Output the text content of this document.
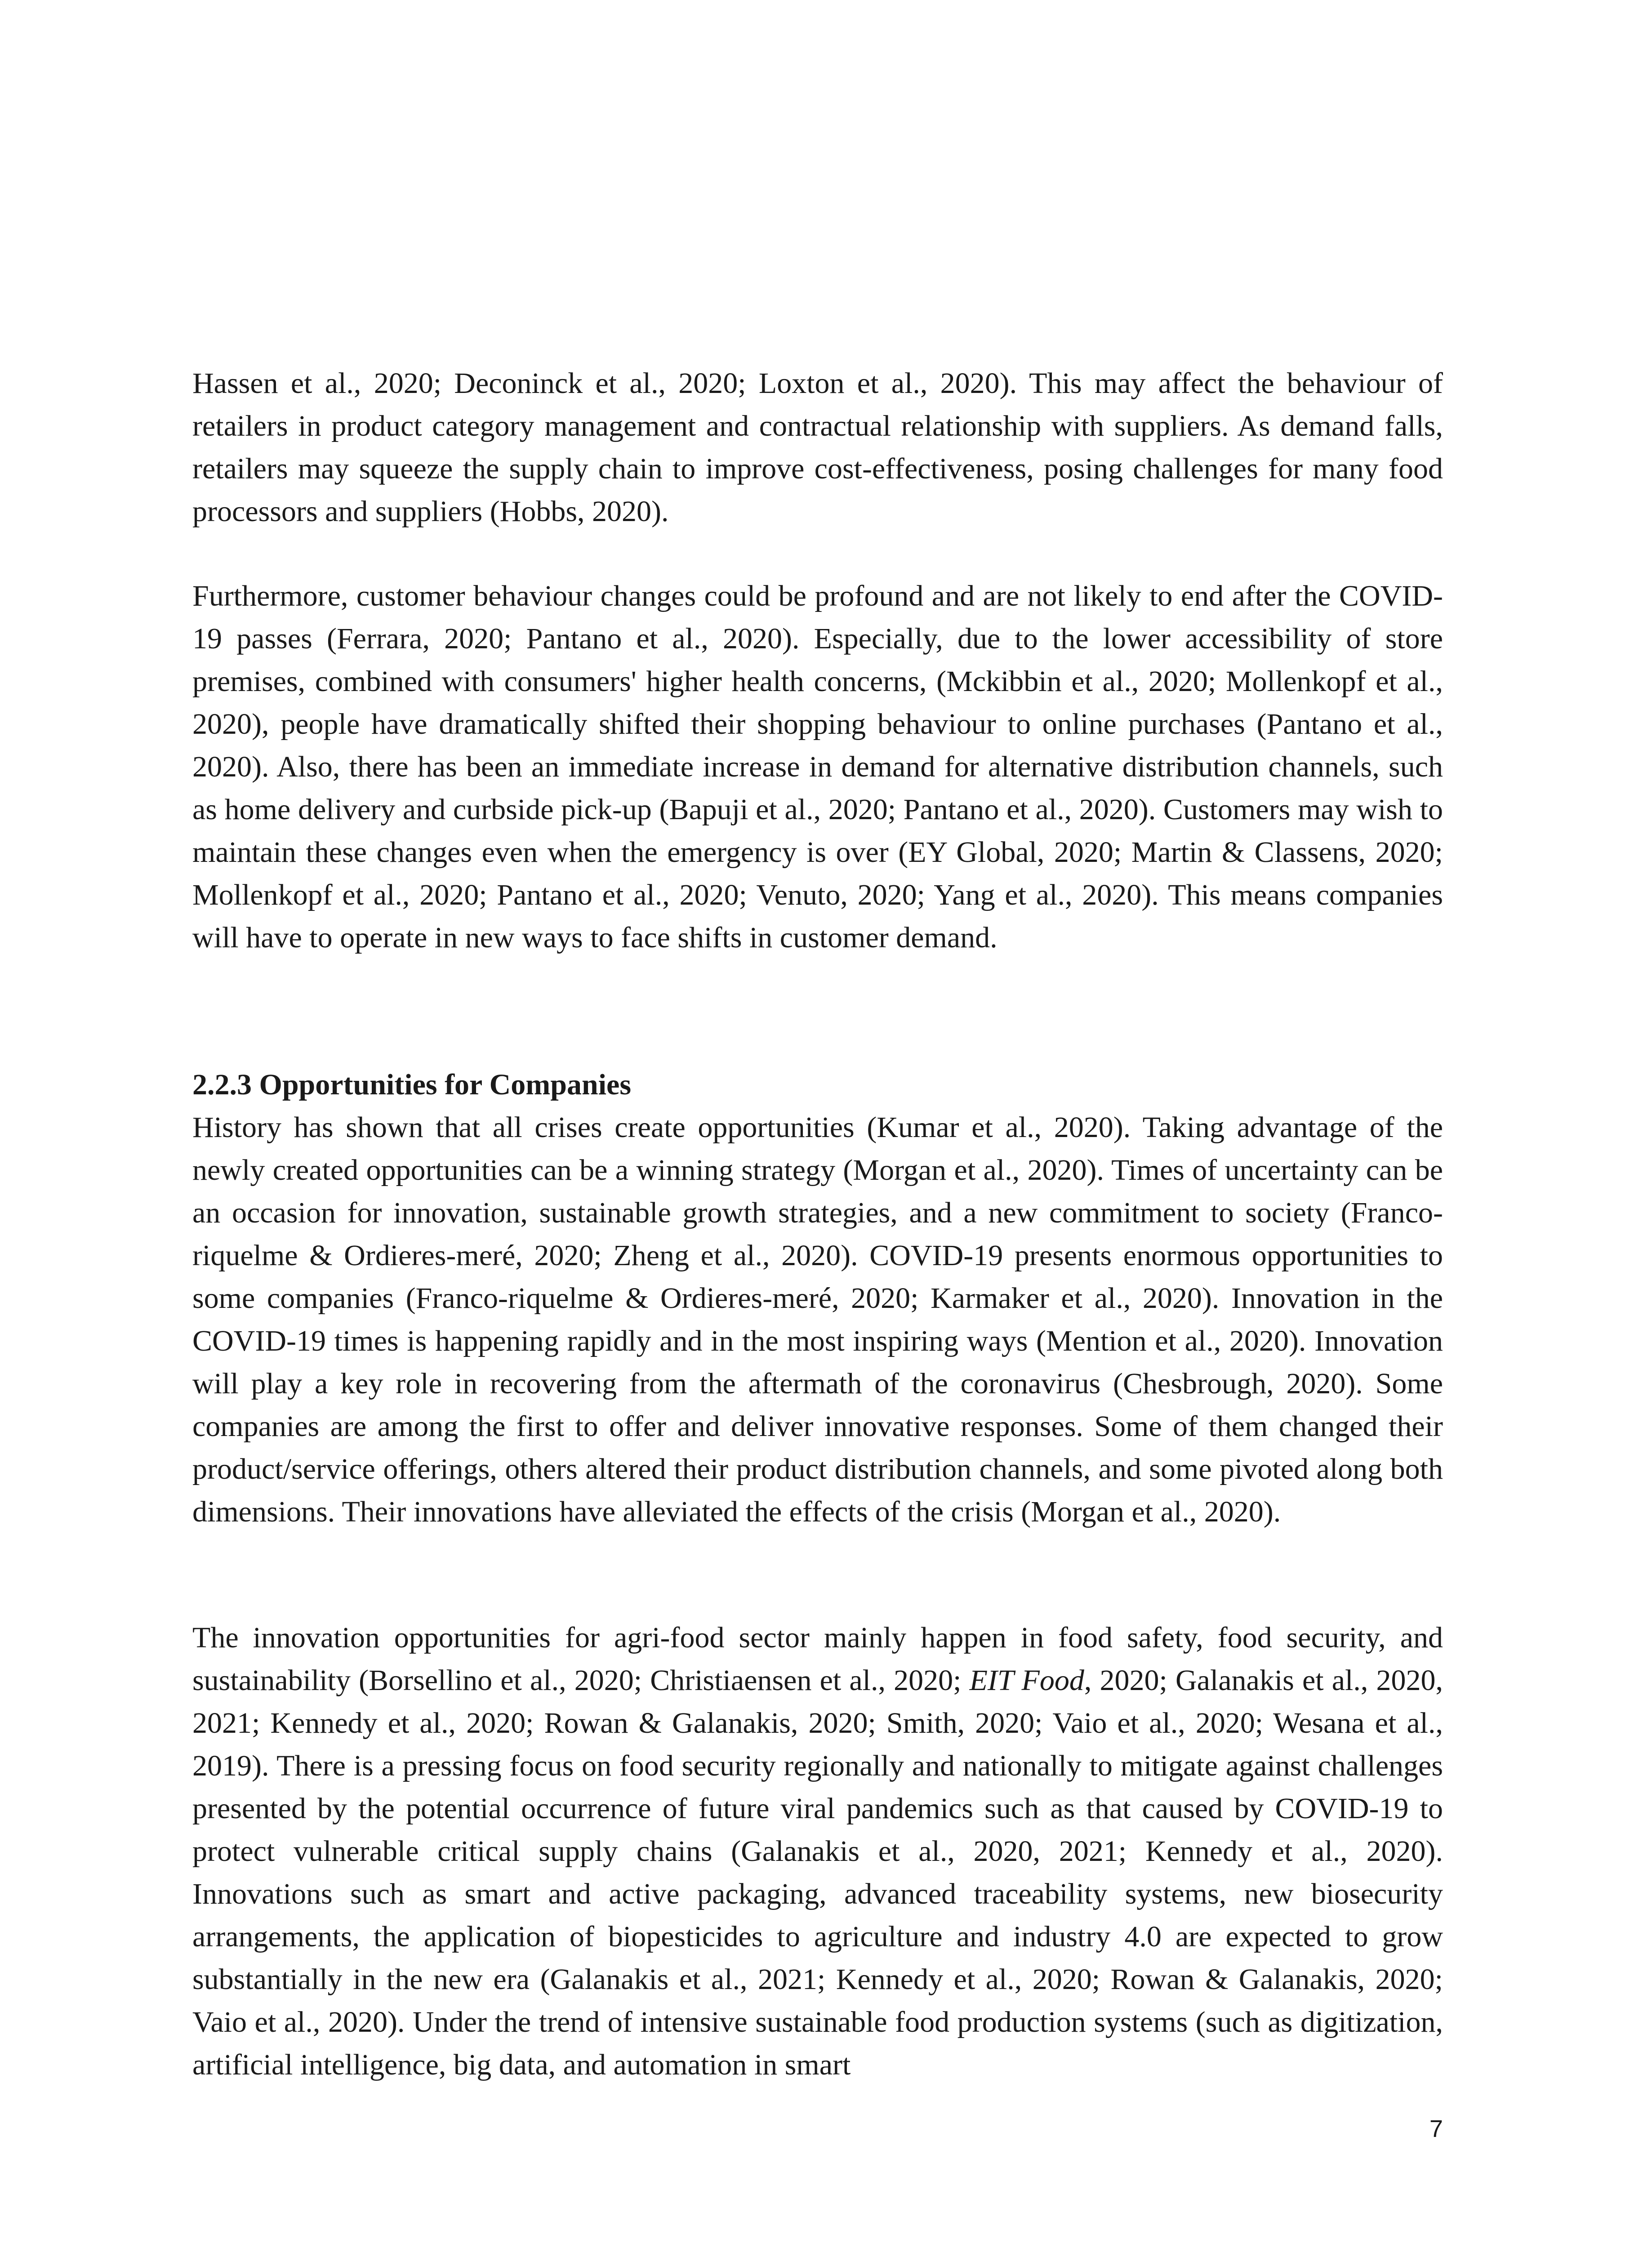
Hassen et al., 2020; Deconinck et al., 2020; Loxton et al., 2020). This may affect the behaviour of retailers in product category management and contractual relationship with suppliers. As demand falls, retailers may squeeze the supply chain to improve cost-effectiveness, posing challenges for many food processors and suppliers (Hobbs, 2020).

Furthermore, customer behaviour changes could be profound and are not likely to end after the COVID-19 passes (Ferrara, 2020; Pantano et al., 2020). Especially, due to the lower accessibility of store premises, combined with consumers' higher health concerns, (Mckibbin et al., 2020; Mollenkopf et al., 2020), people have dramatically shifted their shopping behaviour to online purchases (Pantano et al., 2020). Also, there has been an immediate increase in demand for alternative distribution channels, such as home delivery and curbside pick-up (Bapuji et al., 2020; Pantano et al., 2020). Customers may wish to maintain these changes even when the emergency is over (EY Global, 2020; Martin & Classens, 2020; Mollenkopf et al., 2020; Pantano et al., 2020; Venuto, 2020; Yang et al., 2020). This means companies will have to operate in new ways to face shifts in customer demand.

2.2.3 Opportunities for Companies

History has shown that all crises create opportunities (Kumar et al., 2020). Taking advantage of the newly created opportunities can be a winning strategy (Morgan et al., 2020). Times of uncertainty can be an occasion for innovation, sustainable growth strategies, and a new commitment to society (Franco-riquelme & Ordieres-meré, 2020; Zheng et al., 2020). COVID-19 presents enormous opportunities to some companies (Franco-riquelme & Ordieres-meré, 2020; Karmaker et al., 2020). Innovation in the COVID-19 times is happening rapidly and in the most inspiring ways (Mention et al., 2020). Innovation will play a key role in recovering from the aftermath of the coronavirus (Chesbrough, 2020). Some companies are among the first to offer and deliver innovative responses. Some of them changed their product/service offerings, others altered their product distribution channels, and some pivoted along both dimensions. Their innovations have alleviated the effects of the crisis (Morgan et al., 2020).

The innovation opportunities for agri-food sector mainly happen in food safety, food security, and sustainability (Borsellino et al., 2020; Christiaensen et al., 2020; EIT Food, 2020; Galanakis et al., 2020, 2021; Kennedy et al., 2020; Rowan & Galanakis, 2020; Smith, 2020; Vaio et al., 2020; Wesana et al., 2019). There is a pressing focus on food security regionally and nationally to mitigate against challenges presented by the potential occurrence of future viral pandemics such as that caused by COVID-19 to protect vulnerable critical supply chains (Galanakis et al., 2020, 2021; Kennedy et al., 2020). Innovations such as smart and active packaging, advanced traceability systems, new biosecurity arrangements, the application of biopesticides to agriculture and industry 4.0 are expected to grow substantially in the new era (Galanakis et al., 2021; Kennedy et al., 2020; Rowan & Galanakis, 2020; Vaio et al., 2020). Under the trend of intensive sustainable food production systems (such as digitization, artificial intelligence, big data, and automation in smart

7
